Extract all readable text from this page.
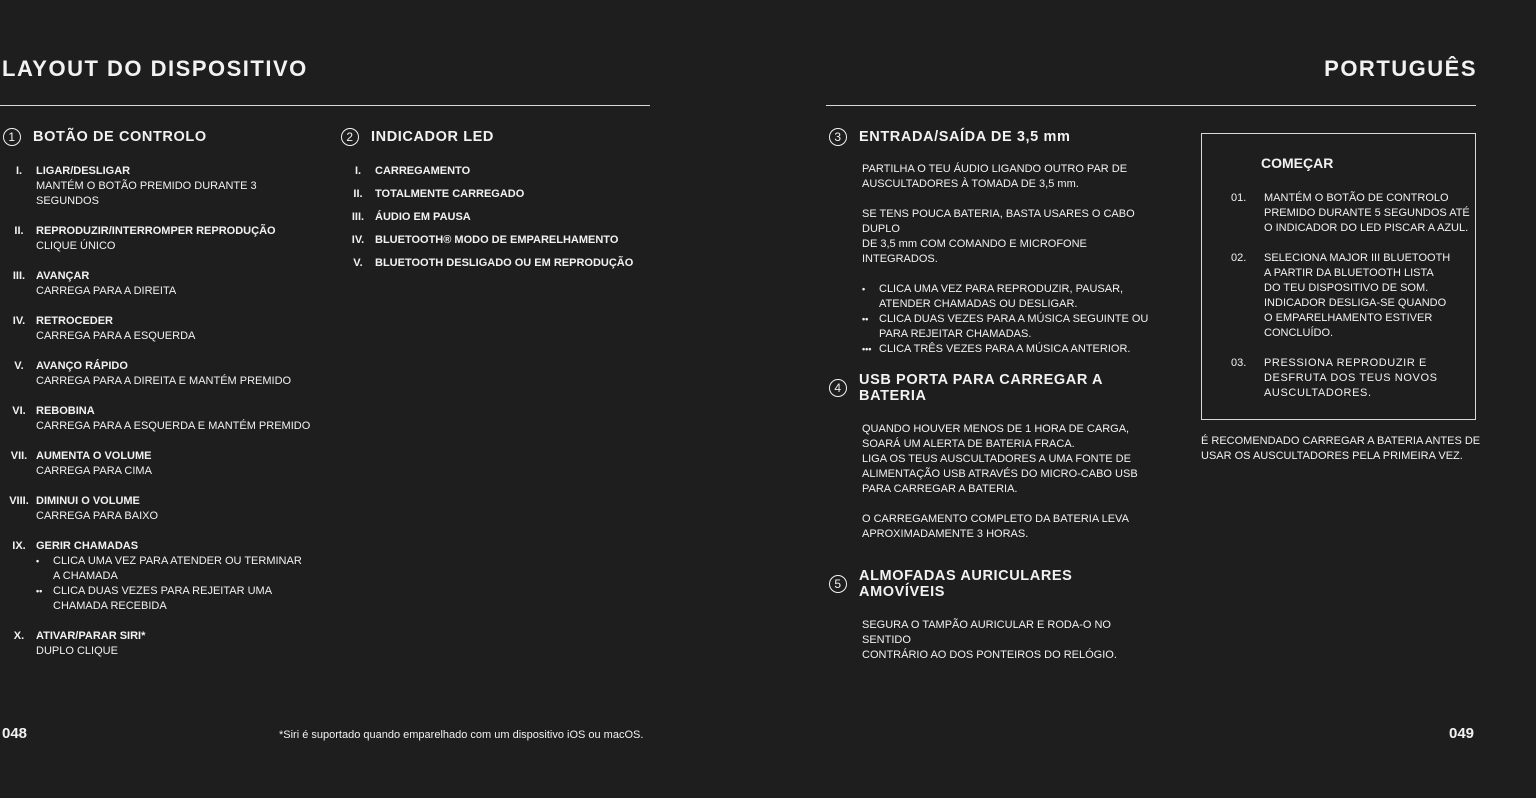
LAYOUT DO DISPOSITIVO
1	BOTÃO DE CONTROLO
I.	LIGAR/DESLIGAR
MANTÉM O BOTÃO PREMIDO DURANTE 3 SEGUNDOS
II.	REPRODUZIR/INTERROMPER REPRODUÇÃO
CLIQUE ÚNICO
III. AVANÇAR
CARREGA PARA A DIREITA
IV. RETROCEDER
CARREGA PARA A ESQUERDA
V.	AVANÇO RÁPIDO
CARREGA PARA A DIREITA E MANTÉM PREMIDO
VI. REBOBINA
CARREGA PARA A ESQUERDA E MANTÉM PREMIDO
VII. AUMENTA O VOLUME
CARREGA PARA CIMA
VIII. DIMINUI O VOLUME
CARREGA PARA BAIXO
IX. GERIR CHAMADAS
•	CLICA UMA VEZ PARA ATENDER OU TERMINAR
A CHAMADA
•• CLICA DUAS VEZES PARA REJEITAR UMA
CHAMADA RECEBIDA
X.	ATIVAR/PARAR SIRI*
DUPLO CLIQUE
2	INDICADOR LED
I.	CARREGAMENTO
II.	TOTALMENTE CARREGADO
III. ÁUDIO EM PAUSA
IV. BLUETOOTH® MODO DE EMPARELHAMENTO
V.	BLUETOOTH DESLIGADO OU EM REPRODUÇÃO
048	*Siri é suportado quando emparelhado com um dispositivo iOS ou macOS.
PORTUGUÊS
3	ENTRADA/SAÍDA DE 3,5 mm
PARTILHA O TEU ÁUDIO LIGANDO OUTRO PAR DE
AUSCULTADORES À TOMADA DE 3,5 mm.
SE TENS POUCA BATERIA, BASTA USARES O CABO DUPLO
DE 3,5 mm COM COMANDO E MICROFONE INTEGRADOS.
•	CLICA UMA VEZ PARA REPRODUZIR, PAUSAR,
ATENDER CHAMADAS OU DESLIGAR.
•• CLICA DUAS VEZES PARA A MÚSICA SEGUINTE OU
PARA REJEITAR CHAMADAS.
••• CLICA TRÊS VEZES PARA A MÚSICA ANTERIOR.
4	USB PORTA PARA CARREGAR A BATERIA
QUANDO HOUVER MENOS DE 1 HORA DE CARGA,
SOARÁ UM ALERTA DE BATERIA FRACA.
LIGA OS TEUS AUSCULTADORES A UMA FONTE DE
ALIMENTAÇÃO USB ATRAVÉS DO MICRO-CABO USB
PARA CARREGAR A BATERIA.
O CARREGAMENTO COMPLETO DA BATERIA LEVA
APROXIMADAMENTE 3 HORAS.
5	ALMOFADAS AURICULARES AMOVÍVEIS
SEGURA O TAMPÃO AURICULAR E RODA-O NO SENTIDO
CONTRÁRIO AO DOS PONTEIROS DO RELÓGIO.
COMEÇAR
01.	MANTÉM O BOTÃO DE CONTROLO
PREMIDO DURANTE 5 SEGUNDOS ATÉ
O INDICADOR DO LED PISCAR A AZUL.
02.	SELECIONA MAJOR III BLUETOOTH
A PARTIR DA BLUETOOTH LISTA
DO TEU DISPOSITIVO DE SOM.
INDICADOR DESLIGA-SE QUANDO
O EMPARELHAMENTO ESTIVER
CONCLUÍDO.
03.	PRESSIONA REPRODUZIR E
DESFRUTA DOS TEUS NOVOS
AUSCULTADORES.
É RECOMENDADO CARREGAR A BATERIA ANTES DE
USAR OS AUSCULTADORES PELA PRIMEIRA VEZ.
049
